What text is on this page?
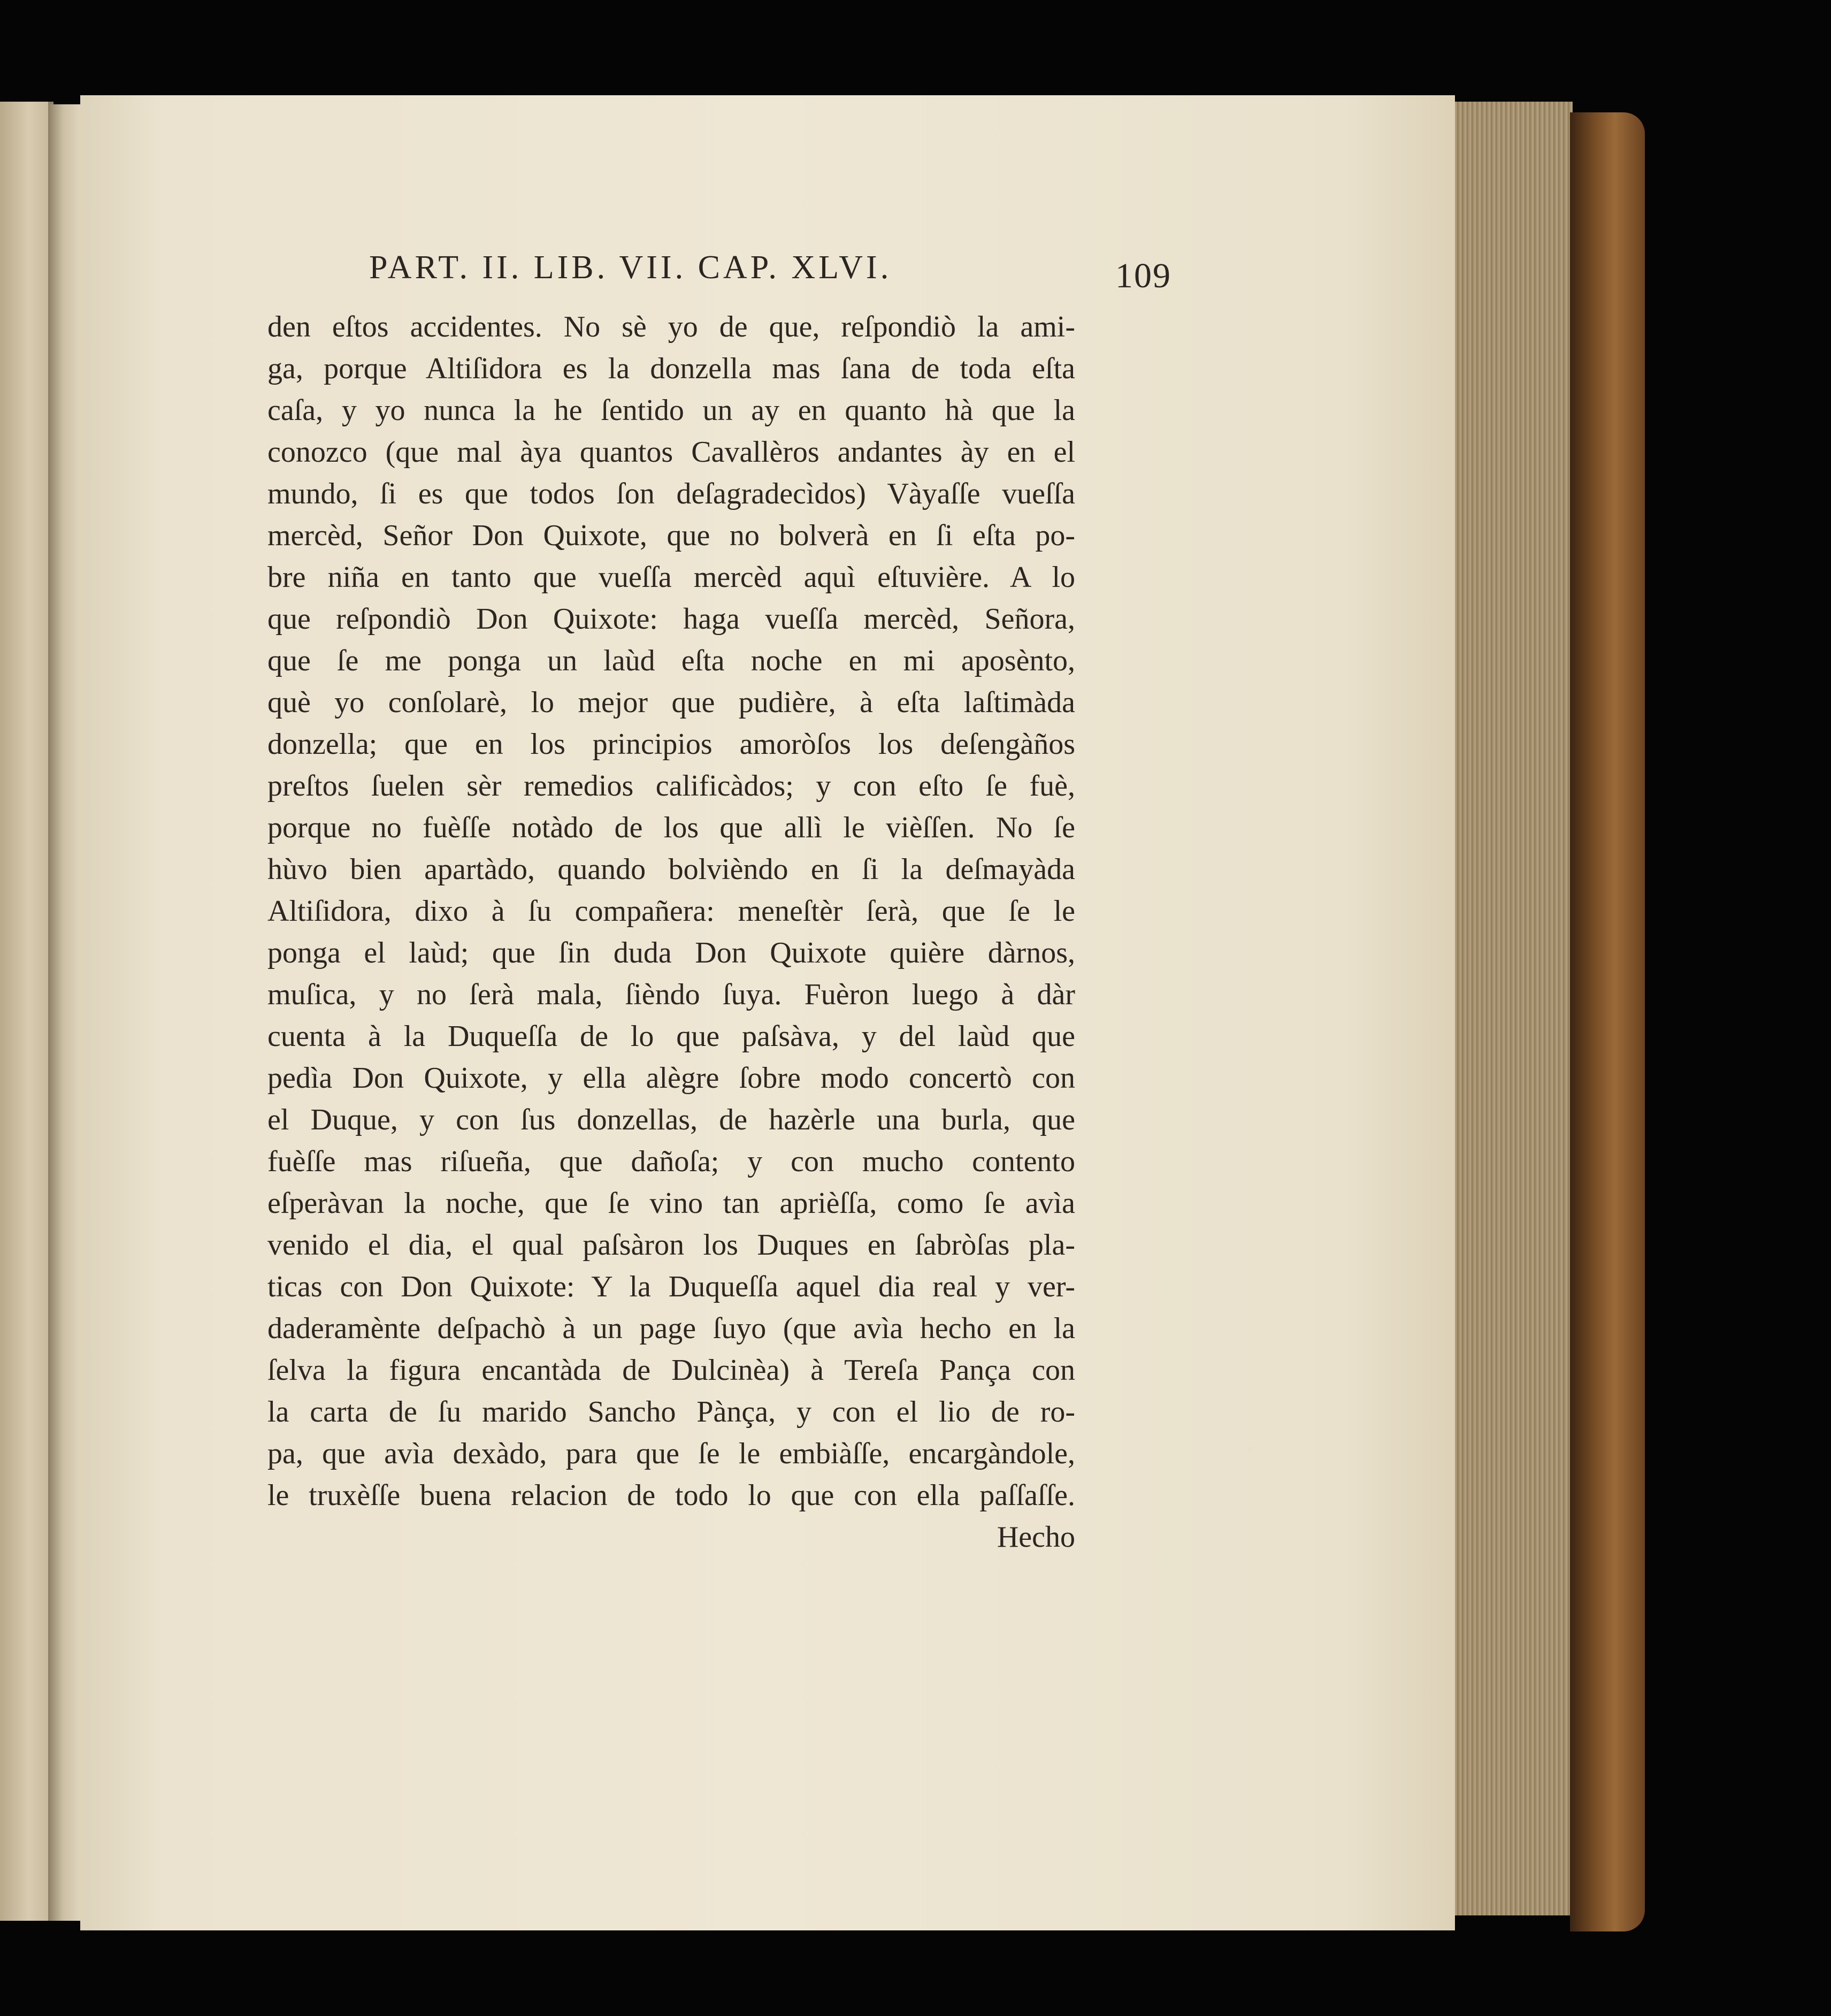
PART. II. LIB. VII. CAP. XLVI.	109
den eſtos accidentes. No sè yo de que, reſpondiò la ami-
ga, porque Altiſidora es la donzella mas ſana de toda eſta
caſa, y yo nunca la he ſentido un ay en quanto hà que la
conozco (que mal àya quantos Cavallèros andantes ày en el
mundo, ſi es que todos ſon deſagradecìdos) Vàyaſſe vueſſa
mercèd, Señor Don Quixote, que no bolverà en ſi eſta po-
bre niña en tanto que vueſſa mercèd aquì eſtuvière. A lo
que reſpondiò Don Quixote: haga vueſſa mercèd, Señora,
que ſe me ponga un laùd eſta noche en mi aposènto,
què yo conſolarè, lo mejor que pudière, à eſta laſtimàda
donzella; que en los principios amoròſos los deſengàños
preſtos ſuelen sèr remedios calificàdos; y con eſto ſe fuè,
porque no fuèſſe notàdo de los que allì le vièſſen. No ſe
hùvo bien apartàdo, quando bolvièndo en ſi la deſmayàda
Altiſidora, dixo à ſu compañera: meneſtèr ſerà, que ſe le
ponga el laùd; que ſin duda Don Quixote quière dàrnos,
muſica, y no ſerà mala, ſièndo ſuya. Fuèron luego à dàr
cuenta à la Duqueſſa de lo que paſsàva, y del laùd que
pedìa Don Quixote, y ella alègre ſobre modo concertò con
el Duque, y con ſus donzellas, de hazèrle una burla, que
fuèſſe mas riſueña, que dañoſa; y con mucho contento
eſperàvan la noche, que ſe vino tan aprièſſa, como ſe avìa
venido el dia, el qual paſsàron los Duques en ſabròſas pla-
ticas con Don Quixote: Y la Duqueſſa aquel dia real y ver-
daderamènte deſpachò à un page ſuyo (que avìa hecho en la
ſelva la figura encantàda de Dulcinèa) à Tereſa Pança con
la carta de ſu marido Sancho Pànça, y con el lio de ro-
pa, que avìa dexàdo, para que ſe le embiàſſe, encargàndole,
le truxèſſe buena relacion de todo lo que con ella paſſaſſe.
Hecho
